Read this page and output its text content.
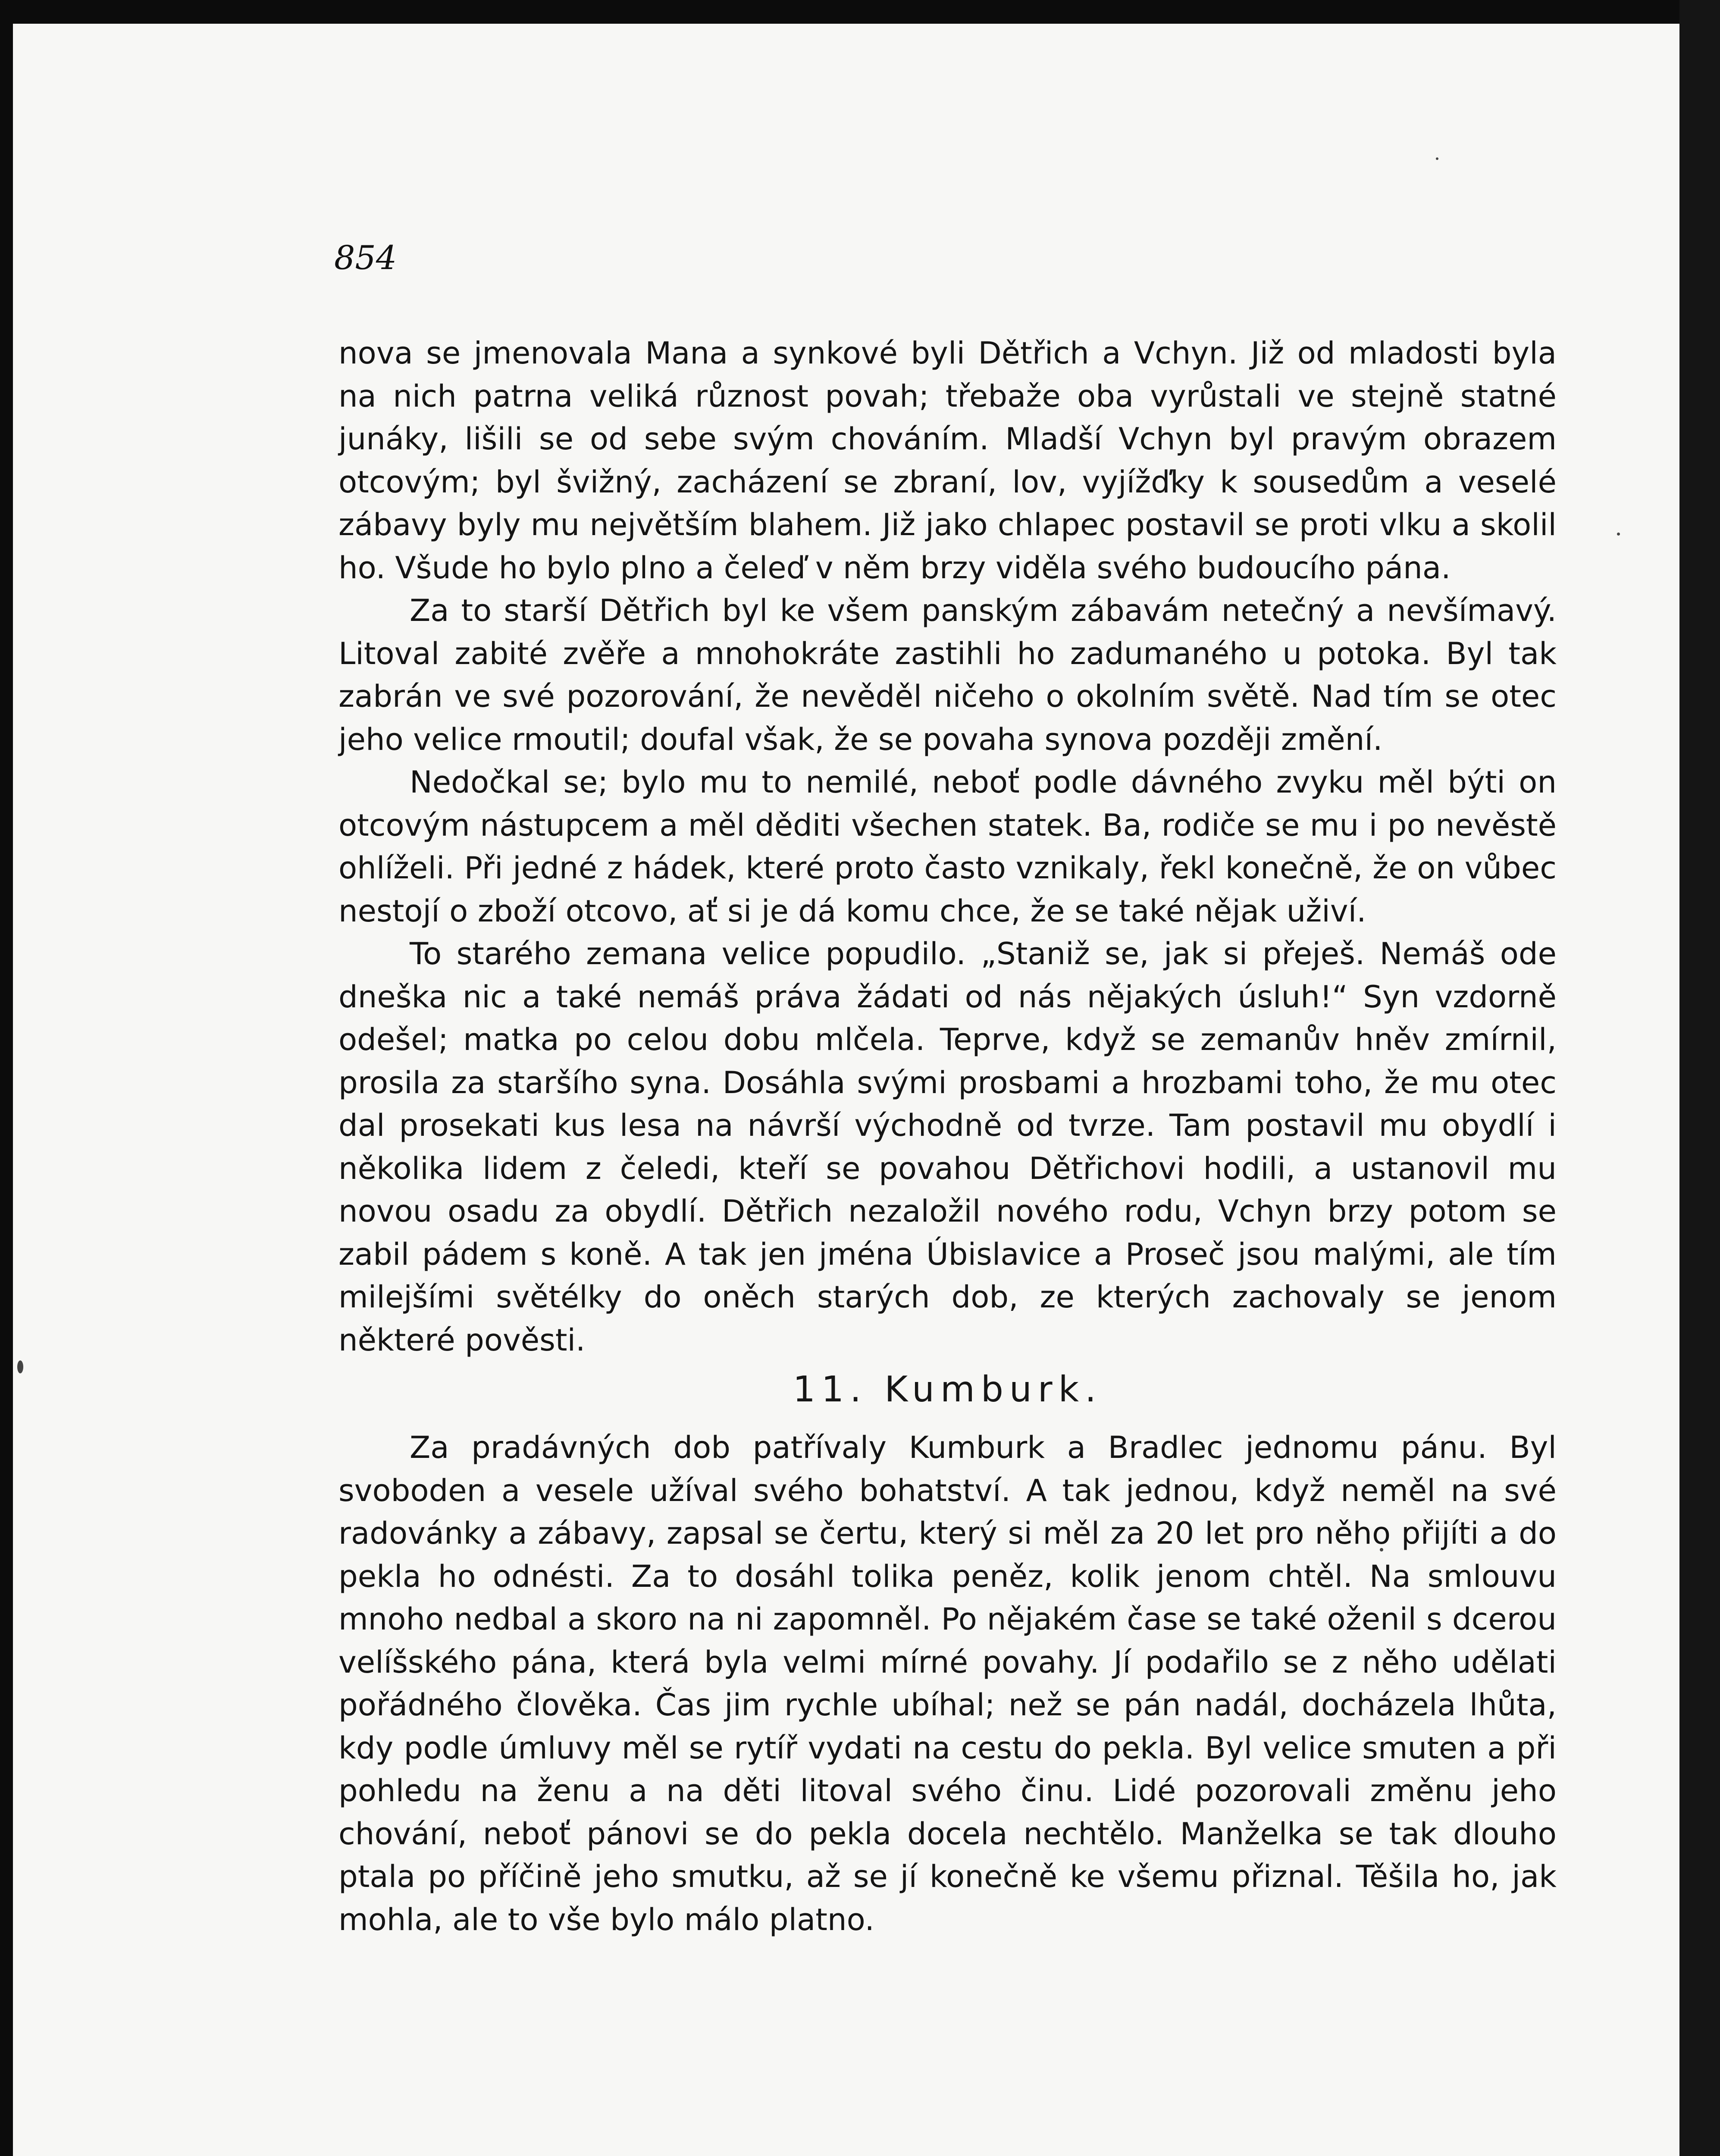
854

nova se jmenovala Mana a synkové byli Dětřich a Vchyn. Již od mladosti byla na nich patrna veliká různost povah; třebaže oba vyrůstali ve stejně statné junáky, lišili se od sebe svým chováním. Mladší Vchyn byl pravým obrazem otcovým; byl švižný, zacházení se zbraní, lov, vyjížďky k sousedům a veselé zábavy byly mu největším blahem. Již jako chlapec postavil se proti vlku a skolil ho. Všude ho bylo plno a čeleď v něm brzy viděla svého budoucího pána.

Za to starší Dětřich byl ke všem panským zábavám netečný a nevšímavý. Litoval zabité zvěře a mnohokráte zastihli ho zadumaného u potoka. Byl tak zabrán ve své pozorování, že nevěděl ničeho o okolním světě. Nad tím se otec jeho velice rmoutil; doufal však, že se povaha synova později změní.

Nedočkal se; bylo mu to nemilé, neboť podle dávného zvyku měl býti on otcovým nástupcem a měl děditi všechen statek. Ba, rodiče se mu i po nevěstě ohlíželi. Při jedné z hádek, které proto často vznikaly, řekl konečně, že on vůbec nestojí o zboží otcovo, ať si je dá komu chce, že se také nějak uživí.

To starého zemana velice popudilo. „Staniž se, jak si přeješ. Nemáš ode dneška nic a také nemáš práva žádati od nás nějakých úsluh!“ Syn vzdorně odešel; matka po celou dobu mlčela. Teprve, když se zemanův hněv zmírnil, prosila za staršího syna. Dosáhla svými prosbami a hrozbami toho, že mu otec dal prosekati kus lesa na návrší východně od tvrze. Tam postavil mu obydlí i několika lidem z čeledi, kteří se povahou Dětřichovi hodili, a ustanovil mu novou osadu za obydlí. Dětřich nezaložil nového rodu, Vchyn brzy potom se zabil pádem s koně. A tak jen jména Úbislavice a Proseč jsou malými, ale tím milejšími světélky do oněch starých dob, ze kterých zachovaly se jenom některé pověsti.

11. Kumburk.

Za pradávných dob patřívaly Kumburk a Bradlec jednomu pánu. Byl svoboden a vesele užíval svého bohatství. A tak jednou, když neměl na své radovánky a zábavy, zapsal se čertu, který si měl za 20 let pro něho přijíti a do pekla ho odnésti. Za to dosáhl tolika peněz, kolik jenom chtěl. Na smlouvu mnoho nedbal a skoro na ni zapomněl. Po nějakém čase se také oženil s dcerou velíšského pána, která byla velmi mírné povahy. Jí podařilo se z něho udělati pořádného člověka. Čas jim rychle ubíhal; než se pán nadál, docházela lhůta, kdy podle úmluvy měl se rytíř vydati na cestu do pekla. Byl velice smuten a při pohledu na ženu a na děti litoval svého činu. Lidé pozorovali změnu jeho chování, neboť pánovi se do pekla docela nechtělo. Manželka se tak dlouho ptala po příčině jeho smutku, až se jí konečně ke všemu přiznal. Těšila ho, jak mohla, ale to vše bylo málo platno.
